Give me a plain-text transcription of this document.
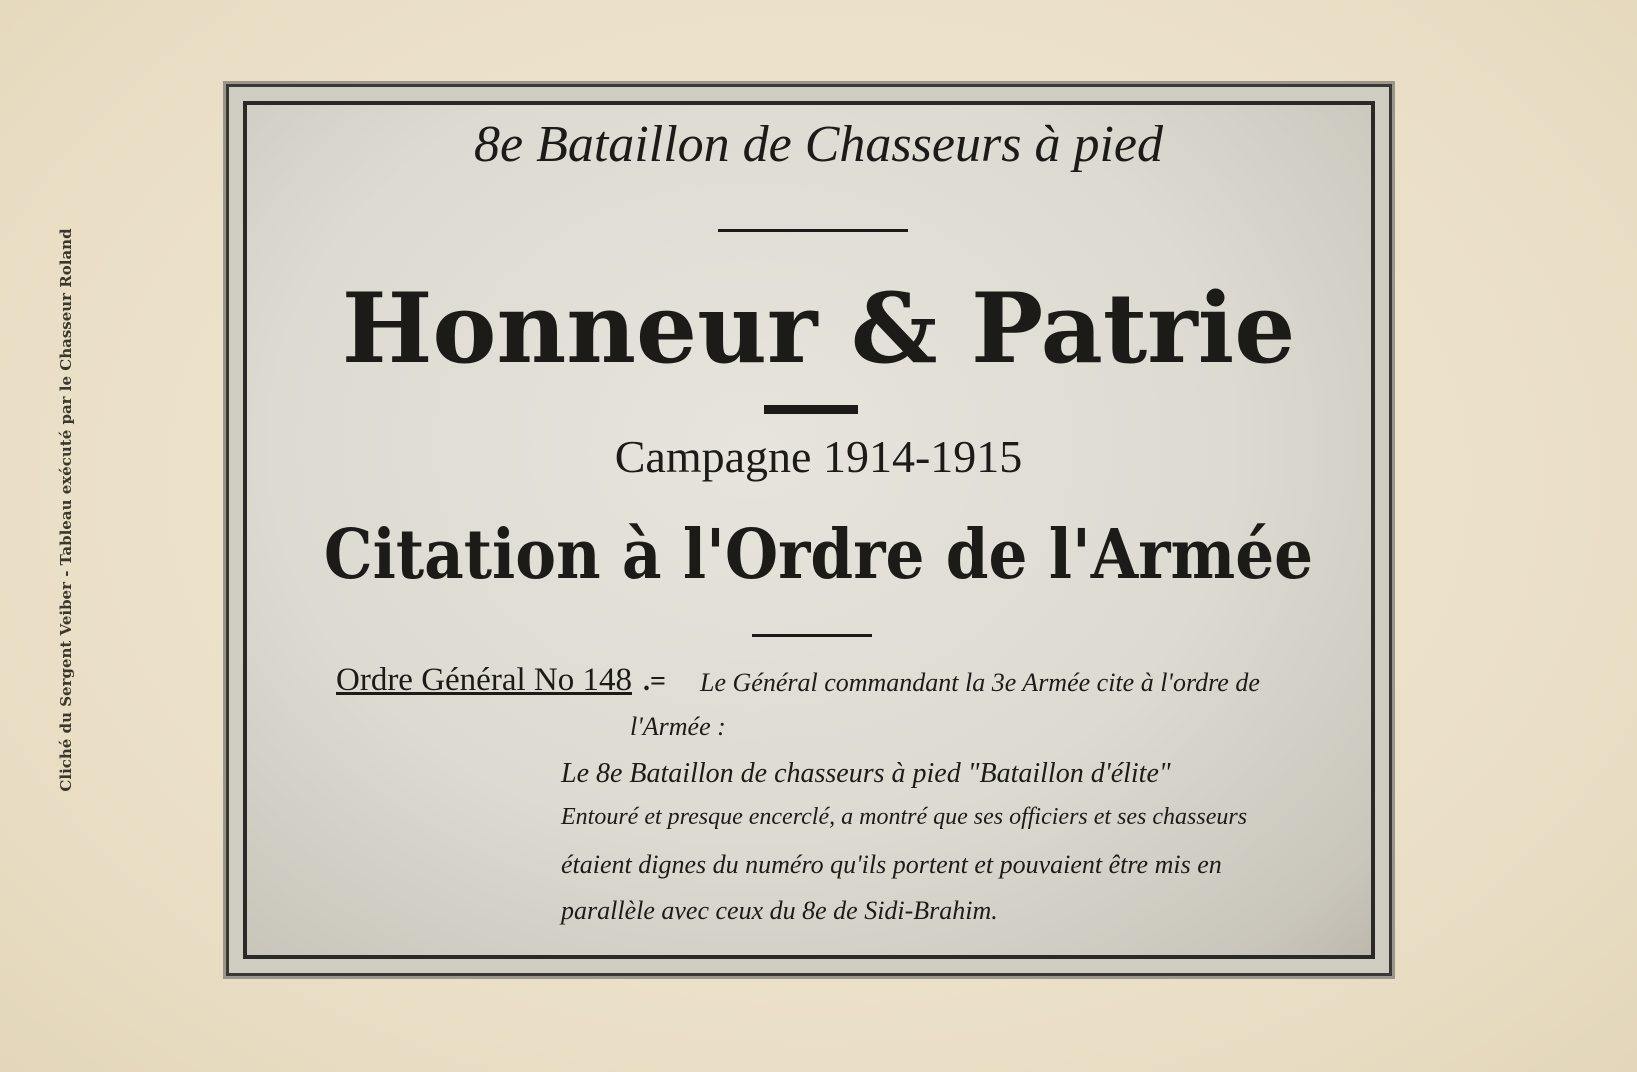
Cliché du Sergent Veiber - Tableau exécuté par le Chasseur Roland
8e Bataillon de Chasseurs à pied
Honneur & Patrie
Campagne 1914-1915
Citation à l'Ordre de l'Armée
Ordre Général No 148 .= Le Général commandant la 3e Armée cite à l'ordre de
l'Armée :
Le 8e Bataillon de chasseurs à pied "Bataillon d'élite"
Entouré et presque encerclé, a montré que ses officiers et ses chasseurs
étaient dignes du numéro qu'ils portent et pouvaient être mis en
parallèle avec ceux du 8e de Sidi-Brahim.
